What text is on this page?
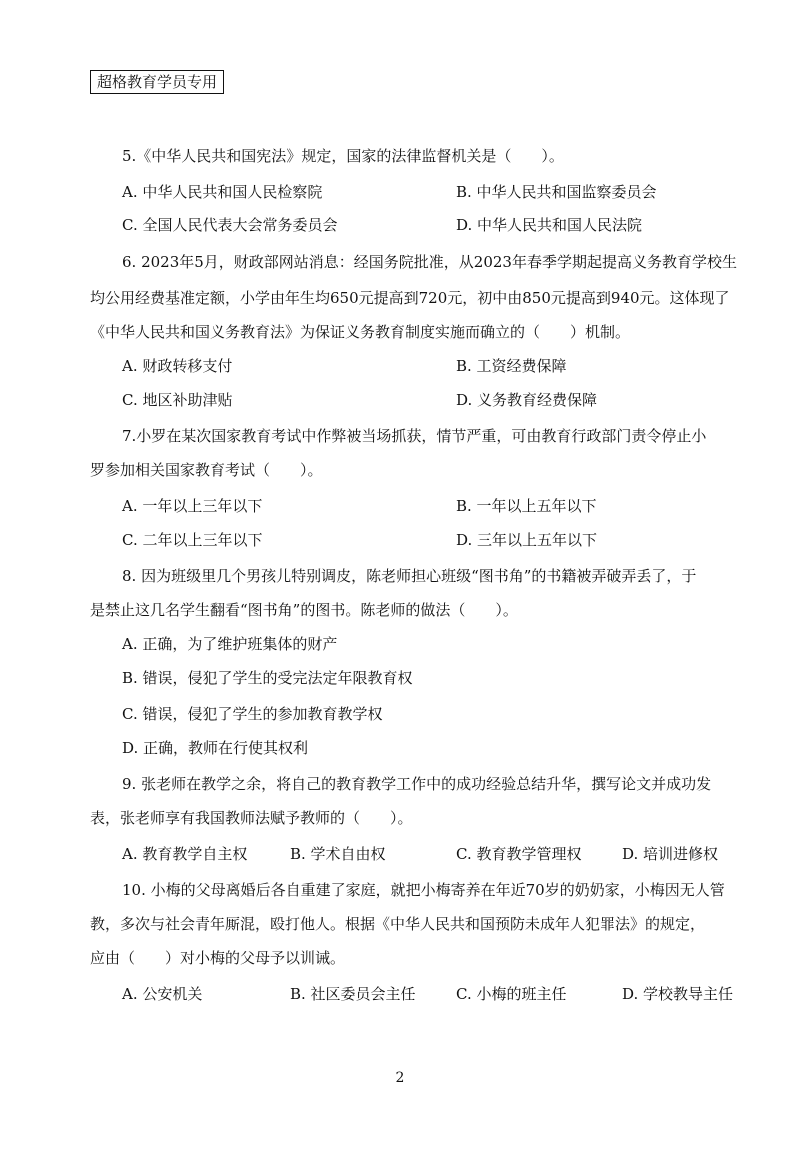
超格教育学员专用
5.《中华人民共和国宪法》规定，国家的法律监督机关是（　　）。
A. 中华人民共和国人民检察院	B. 中华人民共和国监察委员会
C. 全国人民代表大会常务委员会	D. 中华人民共和国人民法院
6. 2023年5月，财政部网站消息：经国务院批准，从2023年春季学期起提高义务教育学校生
均公用经费基准定额，小学由年生均650元提高到720元，初中由850元提高到940元。这体现了
《中华人民共和国义务教育法》为保证义务教育制度实施而确立的（　　）机制。
A. 财政转移支付	B. 工资经费保障
C. 地区补助津贴	D. 义务教育经费保障
7.小罗在某次国家教育考试中作弊被当场抓获，情节严重，可由教育行政部门责令停止小
罗参加相关国家教育考试（　　）。
A. 一年以上三年以下	B. 一年以上五年以下
C. 二年以上三年以下	D. 三年以上五年以下
8. 因为班级里几个男孩儿特别调皮，陈老师担心班级“图书角”的书籍被弄破弄丢了，于
是禁止这几名学生翻看“图书角”的图书。陈老师的做法（　　）。
A. 正确，为了维护班集体的财产
B. 错误，侵犯了学生的受完法定年限教育权
C. 错误，侵犯了学生的参加教育教学权
D. 正确，教师在行使其权利
9. 张老师在教学之余，将自己的教育教学工作中的成功经验总结升华，撰写论文并成功发
表，张老师享有我国教师法赋予教师的（　　）。
A. 教育教学自主权	B. 学术自由权	C. 教育教学管理权	D. 培训进修权
10. 小梅的父母离婚后各自重建了家庭，就把小梅寄养在年近70岁的奶奶家，小梅因无人管
教，多次与社会青年厮混，殴打他人。根据《中华人民共和国预防未成年人犯罪法》的规定，
应由（　　）对小梅的父母予以训诫。
A. 公安机关	B. 社区委员会主任	C. 小梅的班主任	D. 学校教导主任
2
